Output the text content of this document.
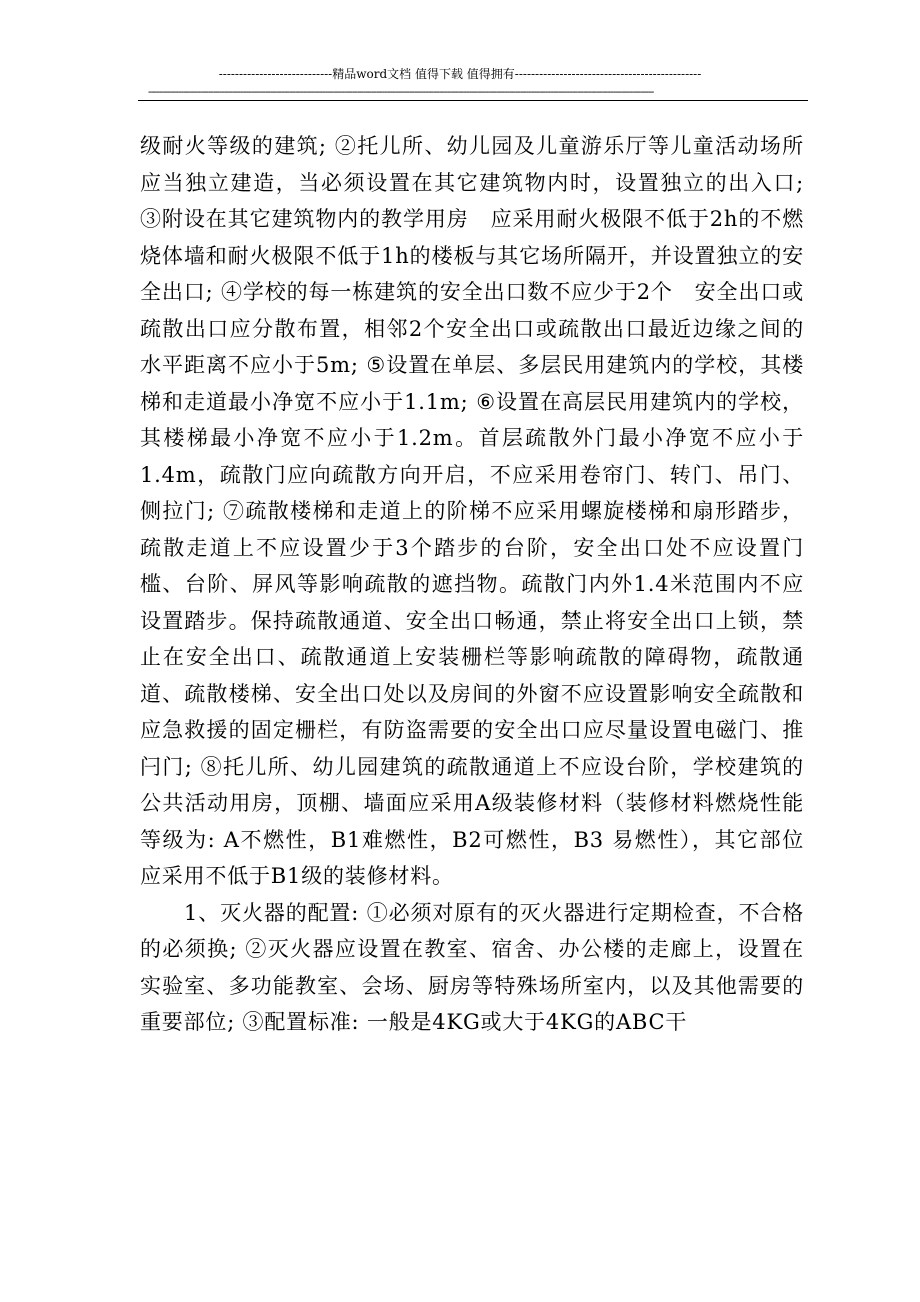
----------------------------精品word文档 值得下载 值得拥有----------------------------------------------
------------------------------------------------------------------------------------------------------------------------------------------------------------------------------------------

级耐火等级的建筑; ②托儿所、幼儿园及儿童游乐厅等儿童活动场所应当独立建造，当必须设置在其它建筑物内时，设置独立的出入口; ③附设在其它建筑物内的教学用房　应采用耐火极限不低于2h的不燃烧体墙和耐火极限不低于1h的楼板与其它场所隔开，并设置独立的安全出口; ④学校的每一栋建筑的安全出口数不应少于2个　安全出口或疏散出口应分散布置，相邻2个安全出口或疏散出口最近边缘之间的水平距离不应小于5m; ⑤设置在单层、多层民用建筑内的学校，其楼梯和走道最小净宽不应小于1.1m; ⑥设置在高层民用建筑内的学校，其楼梯最小净宽不应小于1.2m。首层疏散外门最小净宽不应小于1.4m，疏散门应向疏散方向开启，不应采用卷帘门、转门、吊门、侧拉门; ⑦疏散楼梯和走道上的阶梯不应采用螺旋楼梯和扇形踏步，疏散走道上不应设置少于3个踏步的台阶，安全出口处不应设置门槛、台阶、屏风等影响疏散的遮挡物。疏散门内外1.4米范围内不应设置踏步。保持疏散通道、安全出口畅通，禁止将安全出口上锁，禁止在安全出口、疏散通道上安装栅栏等影响疏散的障碍物，疏散通道、疏散楼梯、安全出口处以及房间的外窗不应设置影响安全疏散和应急救援的固定栅栏，有防盗需要的安全出口应尽量设置电磁门、推闩门; ⑧托儿所、幼儿园建筑的疏散通道上不应设台阶，学校建筑的公共活动用房，顶棚、墙面应采用A级装修材料（装修材料燃烧性能等级为: A不燃性，B1难燃性，B2可燃性，B3 易燃性），其它部位应采用不低于B1级的装修材料。

1、灭火器的配置: ①必须对原有的灭火器进行定期检查，不合格的必须换; ②灭火器应设置在教室、宿舍、办公楼的走廊上，设置在实验室、多功能教室、会场、厨房等特殊场所室内，以及其他需要的重要部位; ③配置标准: 一般是4KG或大于4KG的ABC干
